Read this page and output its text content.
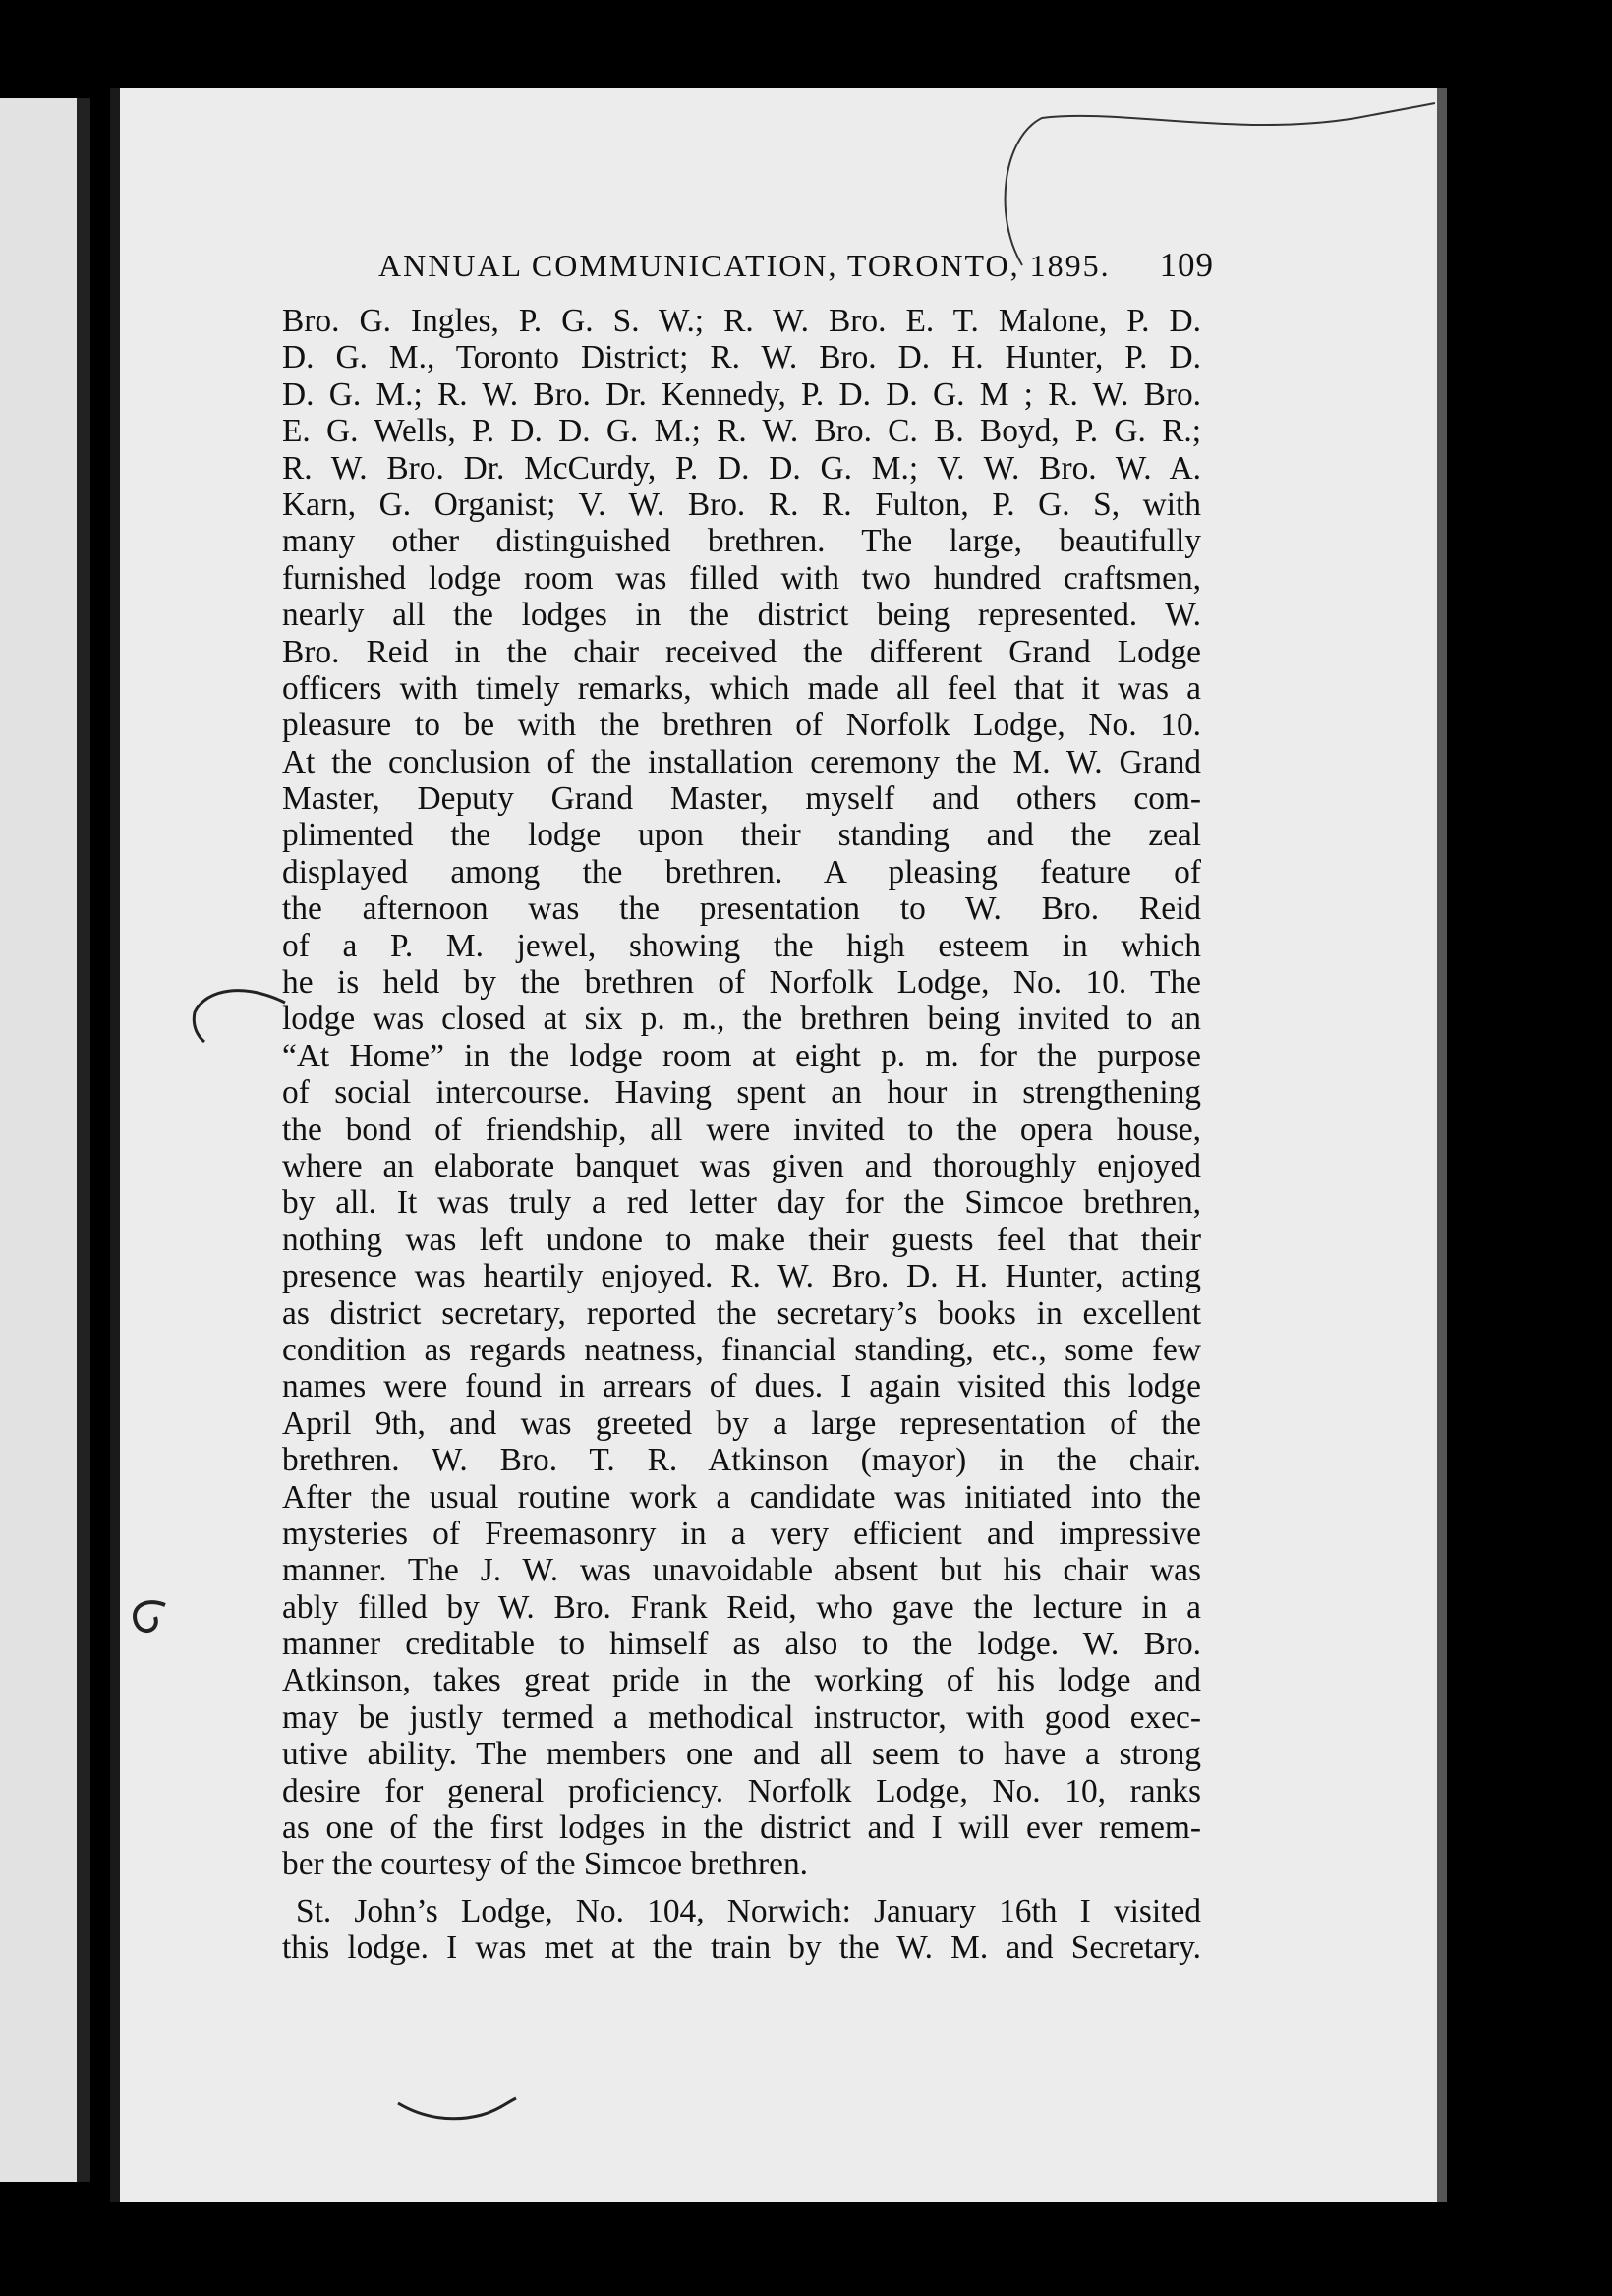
ANNUAL COMMUNICATION, TORONTO, 1895. 109
Bro. G. Ingles, P. G. S. W.; R. W. Bro. E. T. Malone, P. D.
D. G. M., Toronto District; R. W. Bro. D. H. Hunter, P. D.
D. G. M.; R. W. Bro. Dr. Kennedy, P. D. D. G. M ; R. W. Bro.
E. G. Wells, P. D. D. G. M.; R. W. Bro. C. B. Boyd, P. G. R.;
R. W. Bro. Dr. McCurdy, P. D. D. G. M.; V. W. Bro. W. A.
Karn, G. Organist; V. W. Bro. R. R. Fulton, P. G. S, with
many other distinguished brethren. The large, beautifully
furnished lodge room was filled with two hundred craftsmen,
nearly all the lodges in the district being represented. W.
Bro. Reid in the chair received the different Grand Lodge
officers with timely remarks, which made all feel that it was a
pleasure to be with the brethren of Norfolk Lodge, No. 10.
At the conclusion of the installation ceremony the M. W. Grand
Master, Deputy Grand Master, myself and others com-
plimented the lodge upon their standing and the zeal
displayed among the brethren. A pleasing feature of
the afternoon was the presentation to W. Bro. Reid
of a P. M. jewel, showing the high esteem in which
he is held by the brethren of Norfolk Lodge, No. 10. The
lodge was closed at six p. m., the brethren being invited to an
“At Home” in the lodge room at eight p. m. for the purpose
of social intercourse. Having spent an hour in strengthening
the bond of friendship, all were invited to the opera house,
where an elaborate banquet was given and thoroughly enjoyed
by all. It was truly a red letter day for the Simcoe brethren,
nothing was left undone to make their guests feel that their
presence was heartily enjoyed. R. W. Bro. D. H. Hunter, acting
as district secretary, reported the secretary’s books in excellent
condition as regards neatness, financial standing, etc., some few
names were found in arrears of dues. I again visited this lodge
April 9th, and was greeted by a large representation of the
brethren. W. Bro. T. R. Atkinson (mayor) in the chair.
After the usual routine work a candidate was initiated into the
mysteries of Freemasonry in a very efficient and impressive
manner. The J. W. was unavoidable absent but his chair was
ably filled by W. Bro. Frank Reid, who gave the lecture in a
manner creditable to himself as also to the lodge. W. Bro.
Atkinson, takes great pride in the working of his lodge and
may be justly termed a methodical instructor, with good exec-
utive ability. The members one and all seem to have a strong
desire for general proficiency. Norfolk Lodge, No. 10, ranks
as one of the first lodges in the district and I will ever remem-
ber the courtesy of the Simcoe brethren.
St. John’s Lodge, No. 104, Norwich: January 16th I visited
this lodge. I was met at the train by the W. M. and Secretary.
